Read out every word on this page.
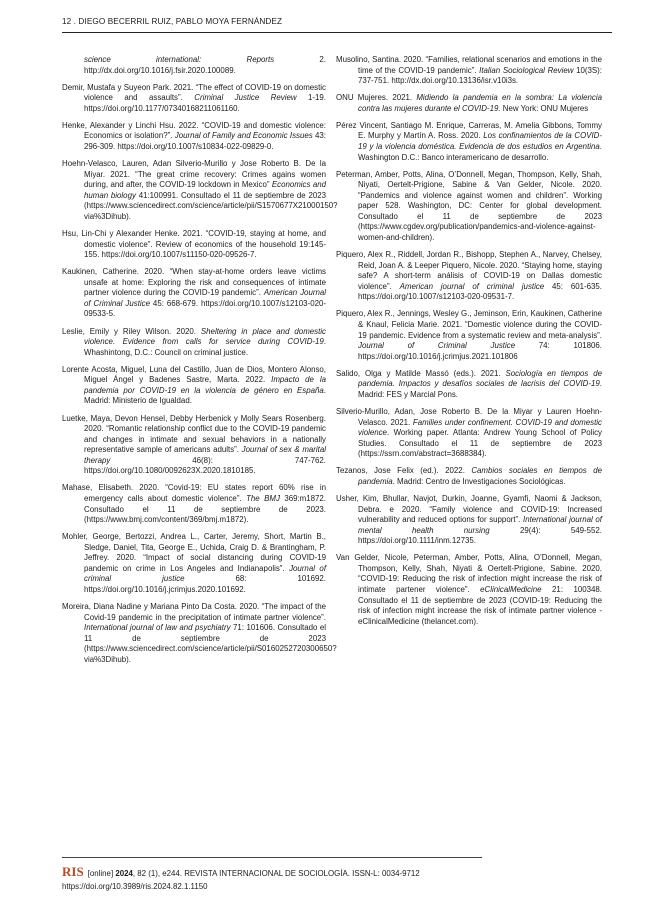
12 . DIEGO BECERRIL RUIZ, PABLO MOYA FERNÁNDEZ

science international: Reports 2. http://dx.doi.org/10.1016/j.fsir.2020.100089.

Demir, Mustafa y Suyeon Park. 2021. “The effect of COVID-19 on domestic violence and assaults”. Criminal Justice Review 1-19. https://doi.org/10.1177/07340168211061160.

Henke, Alexander y Linchi Hsu. 2022. “COVID-19 and domestic violence: Economics or isolation?”. Journal of Family and Economic Issues 43: 296-309. https://doi.org/10.1007/s10834-022-09829-0.

Hoehn-Velasco, Lauren, Adan Silverio-Murillo y Jose Roberto B. De la Miyar. 2021. “The great crime recovery: Crimes agains women during, and after, the COVID-19 lockdown in Mexico” Economics and human biology 41:100991. Consultado el 11 de septiembre de 2023 (https://www.sciencedirect.com/science/article/pii/S1570677X21000150?via%3Dihub).

Hsu, Lin-Chi y Alexander Henke. 2021. “COVID-19, staying at home, and domestic violence”. Review of economics of the household 19:145-155. https://doi.org/10.1007/s11150-020-09526-7.

Kaukinen, Catherine. 2020. “When stay-at-home orders leave victims unsafe at home: Exploring the risk and consequences of intimate partner violence during the COVID-19 pandemic”. American Journal of Criminal Justice 45: 668-679. https://doi.org/10.1007/s12103-020-09533-5.

Leslie, Emily y Riley Wilson. 2020. Sheltering in place and domestic violence. Evidence from calls for service during COVID-19. Whashintong, D.C.: Council on criminal justice.

Lorente Acosta, Miguel, Luna del Castillo, Juan de Dios, Montero Alonso, Miguel Ángel y Badenes Sastre, Marta. 2022. Impacto de la pandemia por COVID-19 en la violencia de género en España. Madrid: Ministerio de Igualdad.

Luetke, Maya, Devon Hensel, Debby Herbenick y Molly Sears Rosenberg. 2020. “Romantic relationship conflict due to the COVID-19 pandemic and changes in intimate and sexual behaviors in a nationally representative sample of americans adults”. Journal of sex & marital therapy 46(8): 747-762. https://doi.org/10.1080/0092623X.2020.1810185.

Mahase, Elisabeth. 2020. “Covid-19: EU states report 60% rise in emergency calls about domestic violence”. The BMJ 369:m1872. Consultado el 11 de septiembre de 2023. (https://www.bmj.com/content/369/bmj.m1872).

Mohler, George, Bertozzi, Andrea L., Carter, Jeremy, Short, Martin B., Sledge, Daniel, Tita, George E., Uchida, Craig D. & Brantingham, P. Jeffrey. 2020. “Impact of social distancing during COVID-19 pandemic on crime in Los Angeles and Indianapolis”. Journal of criminal justice 68: 101692. https://doi.org/10.1016/j.jcrimjus.2020.101692.

Moreira, Diana Nadine y Mariana Pinto Da Costa. 2020. “The impact of the Covid-19 pandemic in the precipitation of intimate partner violence”. International journal of law and psychiatry 71: 101606. Consultado el 11 de septiembre de 2023 (https://www.sciencedirect.com/science/article/pii/S0160252720300650?via%3Dihub).

Musolino, Santina. 2020. “Families, relational scenarios and emotions in the time of the COVID-19 pandemic”. Italian Sociological Review 10(3S): 737-751. http://dx.doi.org/10.13136/isr.v10i3s.

ONU Mujeres. 2021. Midiendo la pandemia en la sombra: La violencia contra las mujeres durante el COVID-19. New York: ONU Mujeres

Pérez Vincent, Santiago M. Enrique, Carreras, M. Amelia Gibbons, Tommy E. Murphy y Martín A. Ross. 2020. Los confinamientos de la COVID-19 y la violencia doméstica. Evidencia de dos estudios en Argentina. Washington D.C.: Banco interamericano de desarrollo.

Peterman, Amber, Potts, Alina, O’Donnell, Megan, Thompson, Kelly, Shah, Niyati, Oertelt-Prigione, Sabine & Van Gelder, Nicole. 2020. “Pandemics and violence against women and children”. Working paper 528. Washington, DC: Center for global development. Consultado el 11 de septiembre de 2023 (https://www.cgdev.org/publication/pandemics-and-violence-against-women-and-children).

Piquero, Alex R., Riddell, Jordan R., Bishopp, Stephen A., Narvey, Chelsey, Reid, Joan A. & Leeper Piquero, Nicole. 2020. “Staying home, staying safe? A short-term análisis of COVID-19 on Dallas domestic violence”. American journal of criminal justice 45: 601-635. https://doi.org/10.1007/s12103-020-09531-7.

Piquero, Alex R., Jennings, Wesley G., Jeminson, Erin, Kaukinen, Catherine & Knaul, Felicia Marie. 2021. “Domestic violence during the COVID-19 pandemic. Evidence from a systematic review and meta-analysis”. Journal of Criminal Justice 74: 101806. https://doi.org/10.1016/j.jcrimjus.2021.101806

Salido, Olga y Matilde Massó (eds.). 2021. Sociología en tiempos de pandemia. Impactos y desafíos sociales de lacrisis del COVID-19. Madrid: FES y Marcial Pons.

Silverio-Murillo, Adan, Jose Roberto B. De la Miyar y Lauren Hoehn-Velasco. 2021. Families under confinement. COVID-19 and domestic violence. Working paper. Atlanta: Andrew Young School of Policy Studies. Consultado el 11 de septiembre de 2023 (https://ssrn.com/abstract=3688384).

Tezanos, Jose Felix (ed.). 2022. Cambios sociales en tiempos de pandemia. Madrid: Centro de Investigaciones Sociológicas.

Usher, Kim, Bhullar, Navjot, Durkin, Joanne, Gyamfi, Naomi & Jackson, Debra. e 2020. “Family violence and COVID-19: Increased vulnerability and reduced options for support”. International journal of mental health nursing 29(4): 549-552. https://doi.org/10.1111/inm.12735.

Van Gelder, Nicole, Peterman, Amber, Potts, Alina, O’Donnell, Megan, Thompson, Kelly, Shah, Niyati & Oertelt-Prigione, Sabine. 2020. “COVID-19: Reducing the risk of infection might increase the risk of intimate partener violence”. eClinicalMedicine 21: 100348. Consultado el 11 de septiembre de 2023 (COVID-19: Reducing the risk of infection might increase the risk of intimate partner violence - eClinicalMedicine (thelancet.com).

RIS [online] 2024, 82 (1), e244. REVISTA INTERNACIONAL DE SOCIOLOGÍA. ISSN-L: 0034-9712
https://doi.org/10.3989/ris.2024.82.1.1150
